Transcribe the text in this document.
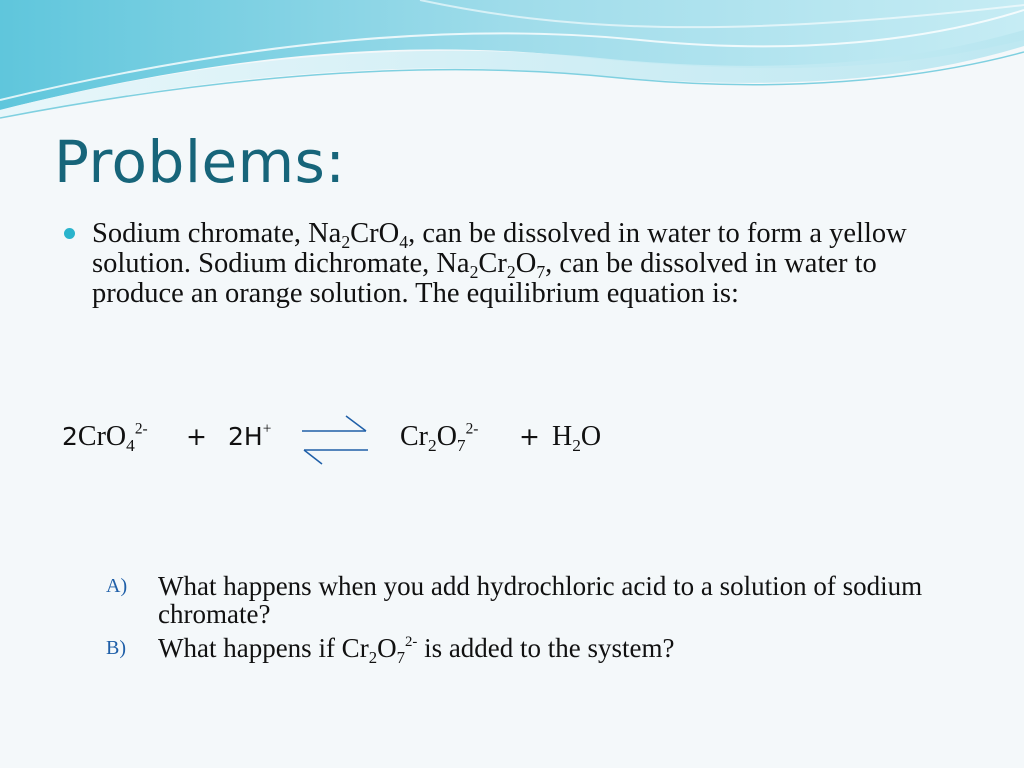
Problems:

Sodium chromate, $Na_2CrO_4$, can be dissolved in water to form a yellow solution. Sodium dichromate, $Na_2Cr_2O_7$, can be dissolved in water to produce an orange solution. The equilibrium equation is:

2CrO$_4^{2-}$ + 2H+	$Cr_2O_7^{2-} + H_2O$
A) What happens when you add hydrochloric acid to a solution of sodium chromate?

B) What happens if $Cr_2O_7^{2-}$ is added to the system?
